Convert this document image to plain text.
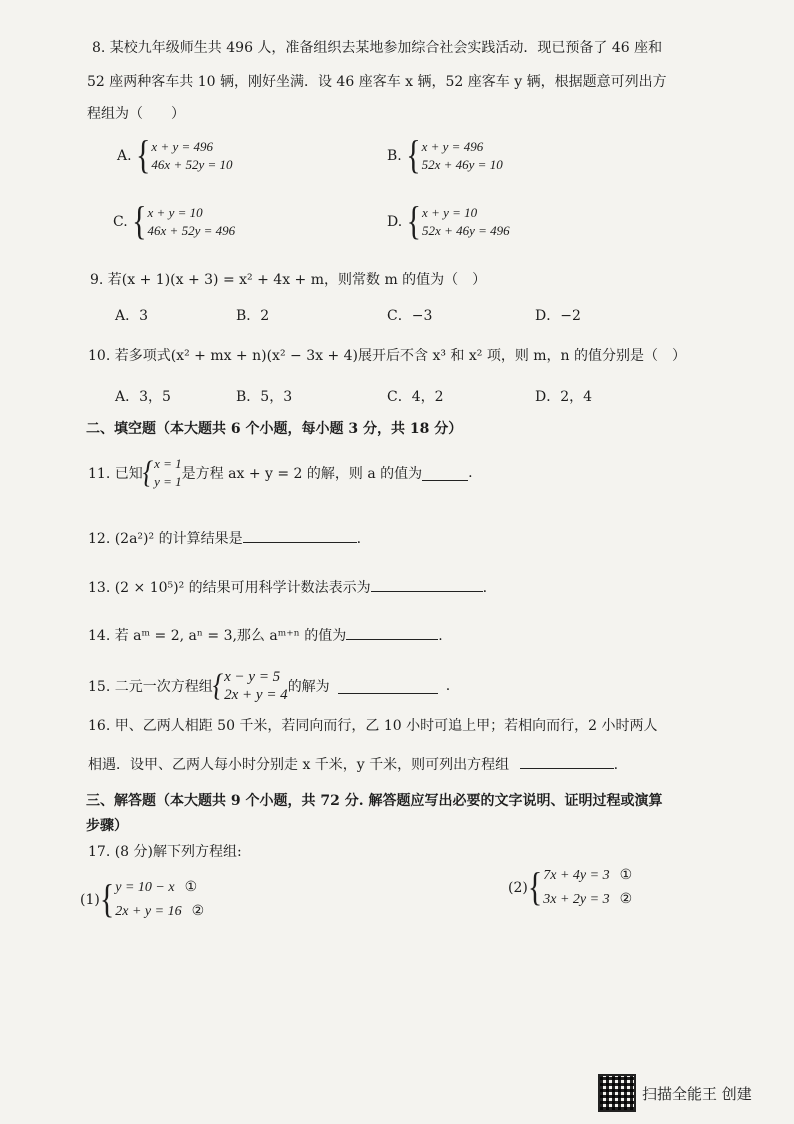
8. 某校九年级师生共 496 人，准备组织去某地参加综合社会实践活动．现已预备了 46 座和
52 座两种客车共 10 辆，刚好坐满．设 46 座客车 x 辆，52 座客车 y 辆，根据题意可列出方
程组为（　　）
A. { x + y = 496
46x + 52y = 10
B. { x + y = 496
52x + 46y = 10
C. { x + y = 10
46x + 52y = 496
D. { x + y = 10
52x + 46y = 496
9. 若(x + 1)(x + 3) = x² + 4x + m，则常数 m 的值为（　）
A．3	B．2	C．−3	D．−2
10. 若多项式(x² + mx + n)(x² − 3x + 4)展开后不含 x³ 和 x² 项，则 m，n 的值分别是（　）
A．3，5	B．5，3	C．4，2	D．2，4
二、填空题（本大题共 6 个小题，每小题 3 分，共 18 分）
11. 已知 { x = 1
y = 1 是方程 ax + y = 2 的解，则 a 的值为	.
12. (2a²)² 的计算结果是	.
13. (2 × 10⁵)² 的结果可用科学计数法表示为	.
14. 若 aᵐ = 2, aⁿ = 3,那么 aᵐ⁺ⁿ 的值为	.
15. 二元一次方程组 { x − y = 5
2x + y = 4 的解为	.
16. 甲、乙两人相距 50 千米，若同向而行，乙 10 小时可追上甲；若相向而行，2 小时两人
相遇．设甲、乙两人每小时分别走 x 千米，y 千米，则可列出方程组	.
三、解答题（本大题共 9 个小题，共 72 分. 解答题应写出必要的文字说明、证明过程或演算
步骤）
17. (8 分)解下列方程组:
(1) { y = 10 − x ①
2x + y = 16 ②
(2) { 7x + 4y = 3 ①
3x + 2y = 3 ②
扫描全能王 创建
